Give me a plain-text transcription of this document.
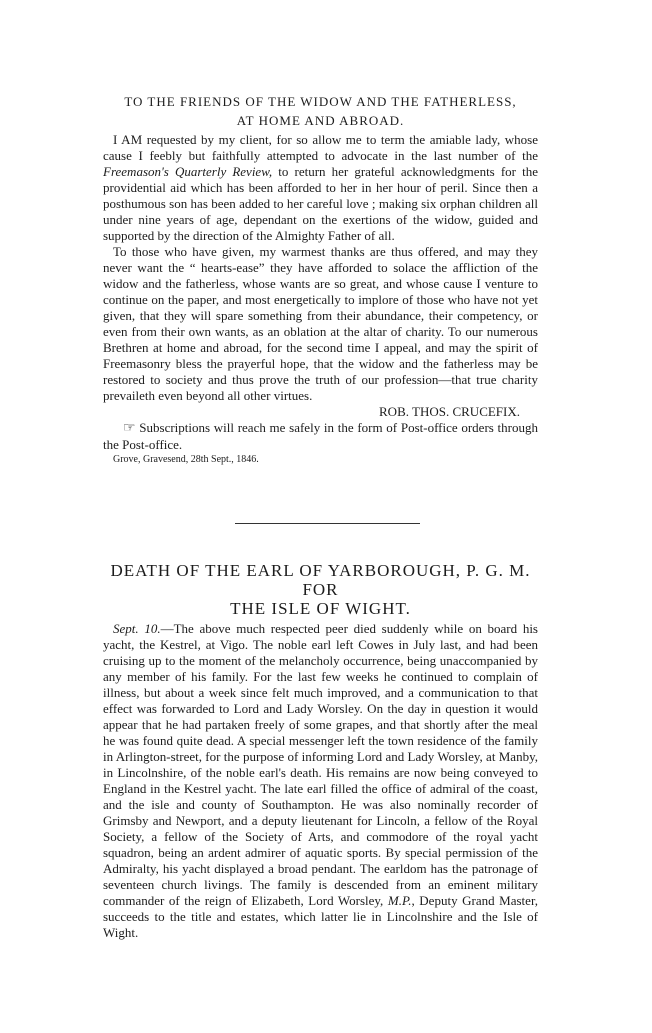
TO THE FRIENDS OF THE WIDOW AND THE FATHERLESS,

AT HOME AND ABROAD.

I AM requested by my client, for so allow me to term the amiable lady, whose cause I feebly but faithfully attempted to advocate in the last number of the Freemason's Quarterly Review, to return her grateful acknowledgments for the providential aid which has been afforded to her in her hour of peril. Since then a posthumous son has been added to her careful love ; making six orphan children all under nine years of age, dependant on the exertions of the widow, guided and supported by the direction of the Almighty Father of all.

To those who have given, my warmest thanks are thus offered, and may they never want the “ hearts-ease” they have afforded to solace the affliction of the widow and the fatherless, whose wants are so great, and whose cause I venture to continue on the paper, and most energetically to implore of those who have not yet given, that they will spare something from their abundance, their competency, or even from their own wants, as an oblation at the altar of charity. To our numerous Brethren at home and abroad, for the second time I appeal, and may the spirit of Freemasonry bless the prayerful hope, that the widow and the fatherless may be restored to society and thus prove the truth of our profession—that true charity prevaileth even beyond all other virtues.

ROB. THOS. CRUCEFIX.

☞ Subscriptions will reach me safely in the form of Post-office orders through the Post-office.

Grove, Gravesend, 28th Sept., 1846.

DEATH OF THE EARL OF YARBOROUGH, P. G. M. FOR

THE ISLE OF WIGHT.

Sept. 10.—The above much respected peer died suddenly while on board his yacht, the Kestrel, at Vigo. The noble earl left Cowes in July last, and had been cruising up to the moment of the melancholy occurrence, being unaccompanied by any member of his family. For the last few weeks he continued to complain of illness, but about a week since felt much improved, and a communication to that effect was forwarded to Lord and Lady Worsley. On the day in question it would appear that he had partaken freely of some grapes, and that shortly after the meal he was found quite dead. A special messenger left the town residence of the family in Arlington-street, for the purpose of informing Lord and Lady Worsley, at Manby, in Lincolnshire, of the noble earl's death. His remains are now being conveyed to England in the Kestrel yacht. The late earl filled the office of admiral of the coast, and the isle and county of Southampton. He was also nominally recorder of Grimsby and Newport, and a deputy lieutenant for Lincoln, a fellow of the Royal Society, a fellow of the Society of Arts, and commodore of the royal yacht squadron, being an ardent admirer of aquatic sports. By special permission of the Admiralty, his yacht displayed a broad pendant. The earldom has the patronage of seventeen church livings. The family is descended from an eminent military commander of the reign of Elizabeth, Lord Worsley, M.P., Deputy Grand Master, succeeds to the title and estates, which latter lie in Lincolnshire and the Isle of Wight.
